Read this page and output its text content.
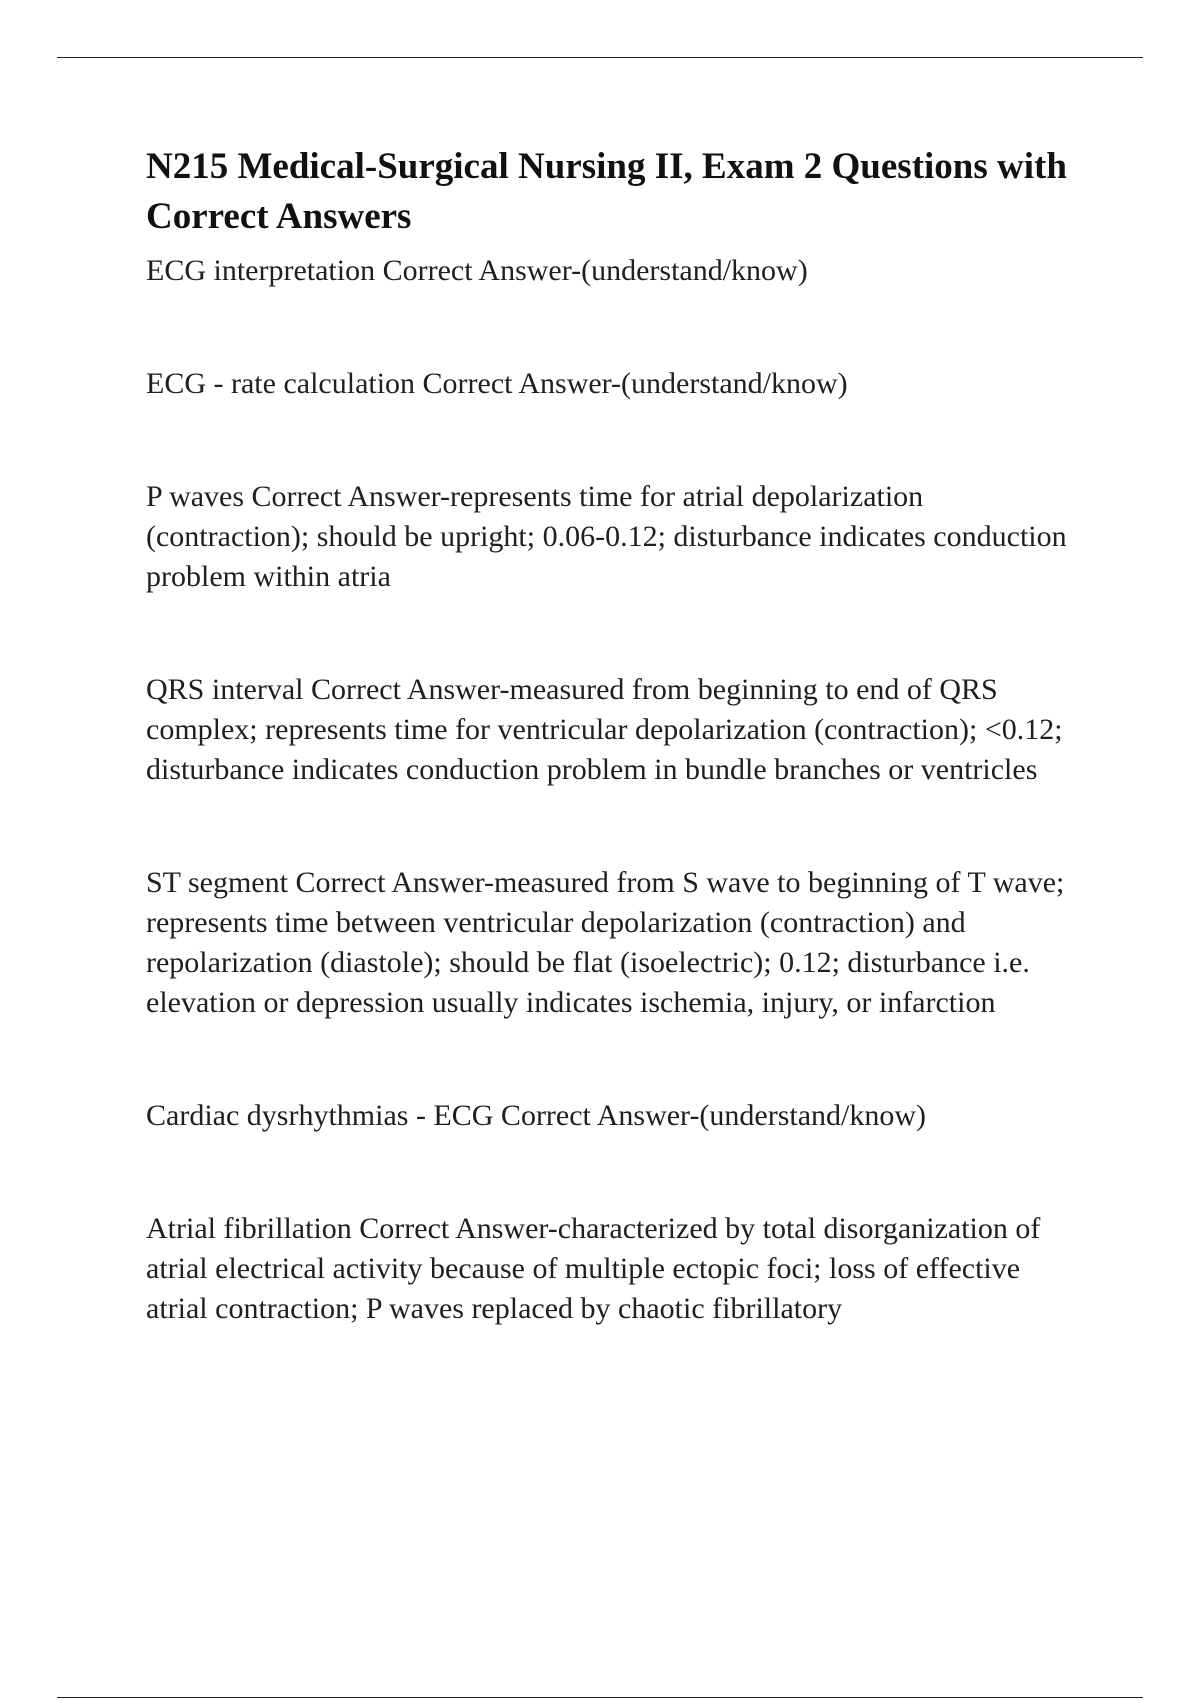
N215 Medical-Surgical Nursing II, Exam 2 Questions with Correct Answers
ECG interpretation Correct Answer-(understand/know)
ECG - rate calculation Correct Answer-(understand/know)
P waves Correct Answer-represents time for atrial depolarization (contraction); should be upright; 0.06-0.12; disturbance indicates conduction problem within atria
QRS interval Correct Answer-measured from beginning to end of QRS complex; represents time for ventricular depolarization (contraction); <0.12; disturbance indicates conduction problem in bundle branches or ventricles
ST segment Correct Answer-measured from S wave to beginning of T wave; represents time between ventricular depolarization (contraction) and repolarization (diastole); should be flat (isoelectric); 0.12; disturbance i.e. elevation or depression usually indicates ischemia, injury, or infarction
Cardiac dysrhythmias - ECG Correct Answer-(understand/know)
Atrial fibrillation Correct Answer-characterized by total disorganization of atrial electrical activity because of multiple ectopic foci; loss of effective atrial contraction; P waves replaced by chaotic fibrillatory
